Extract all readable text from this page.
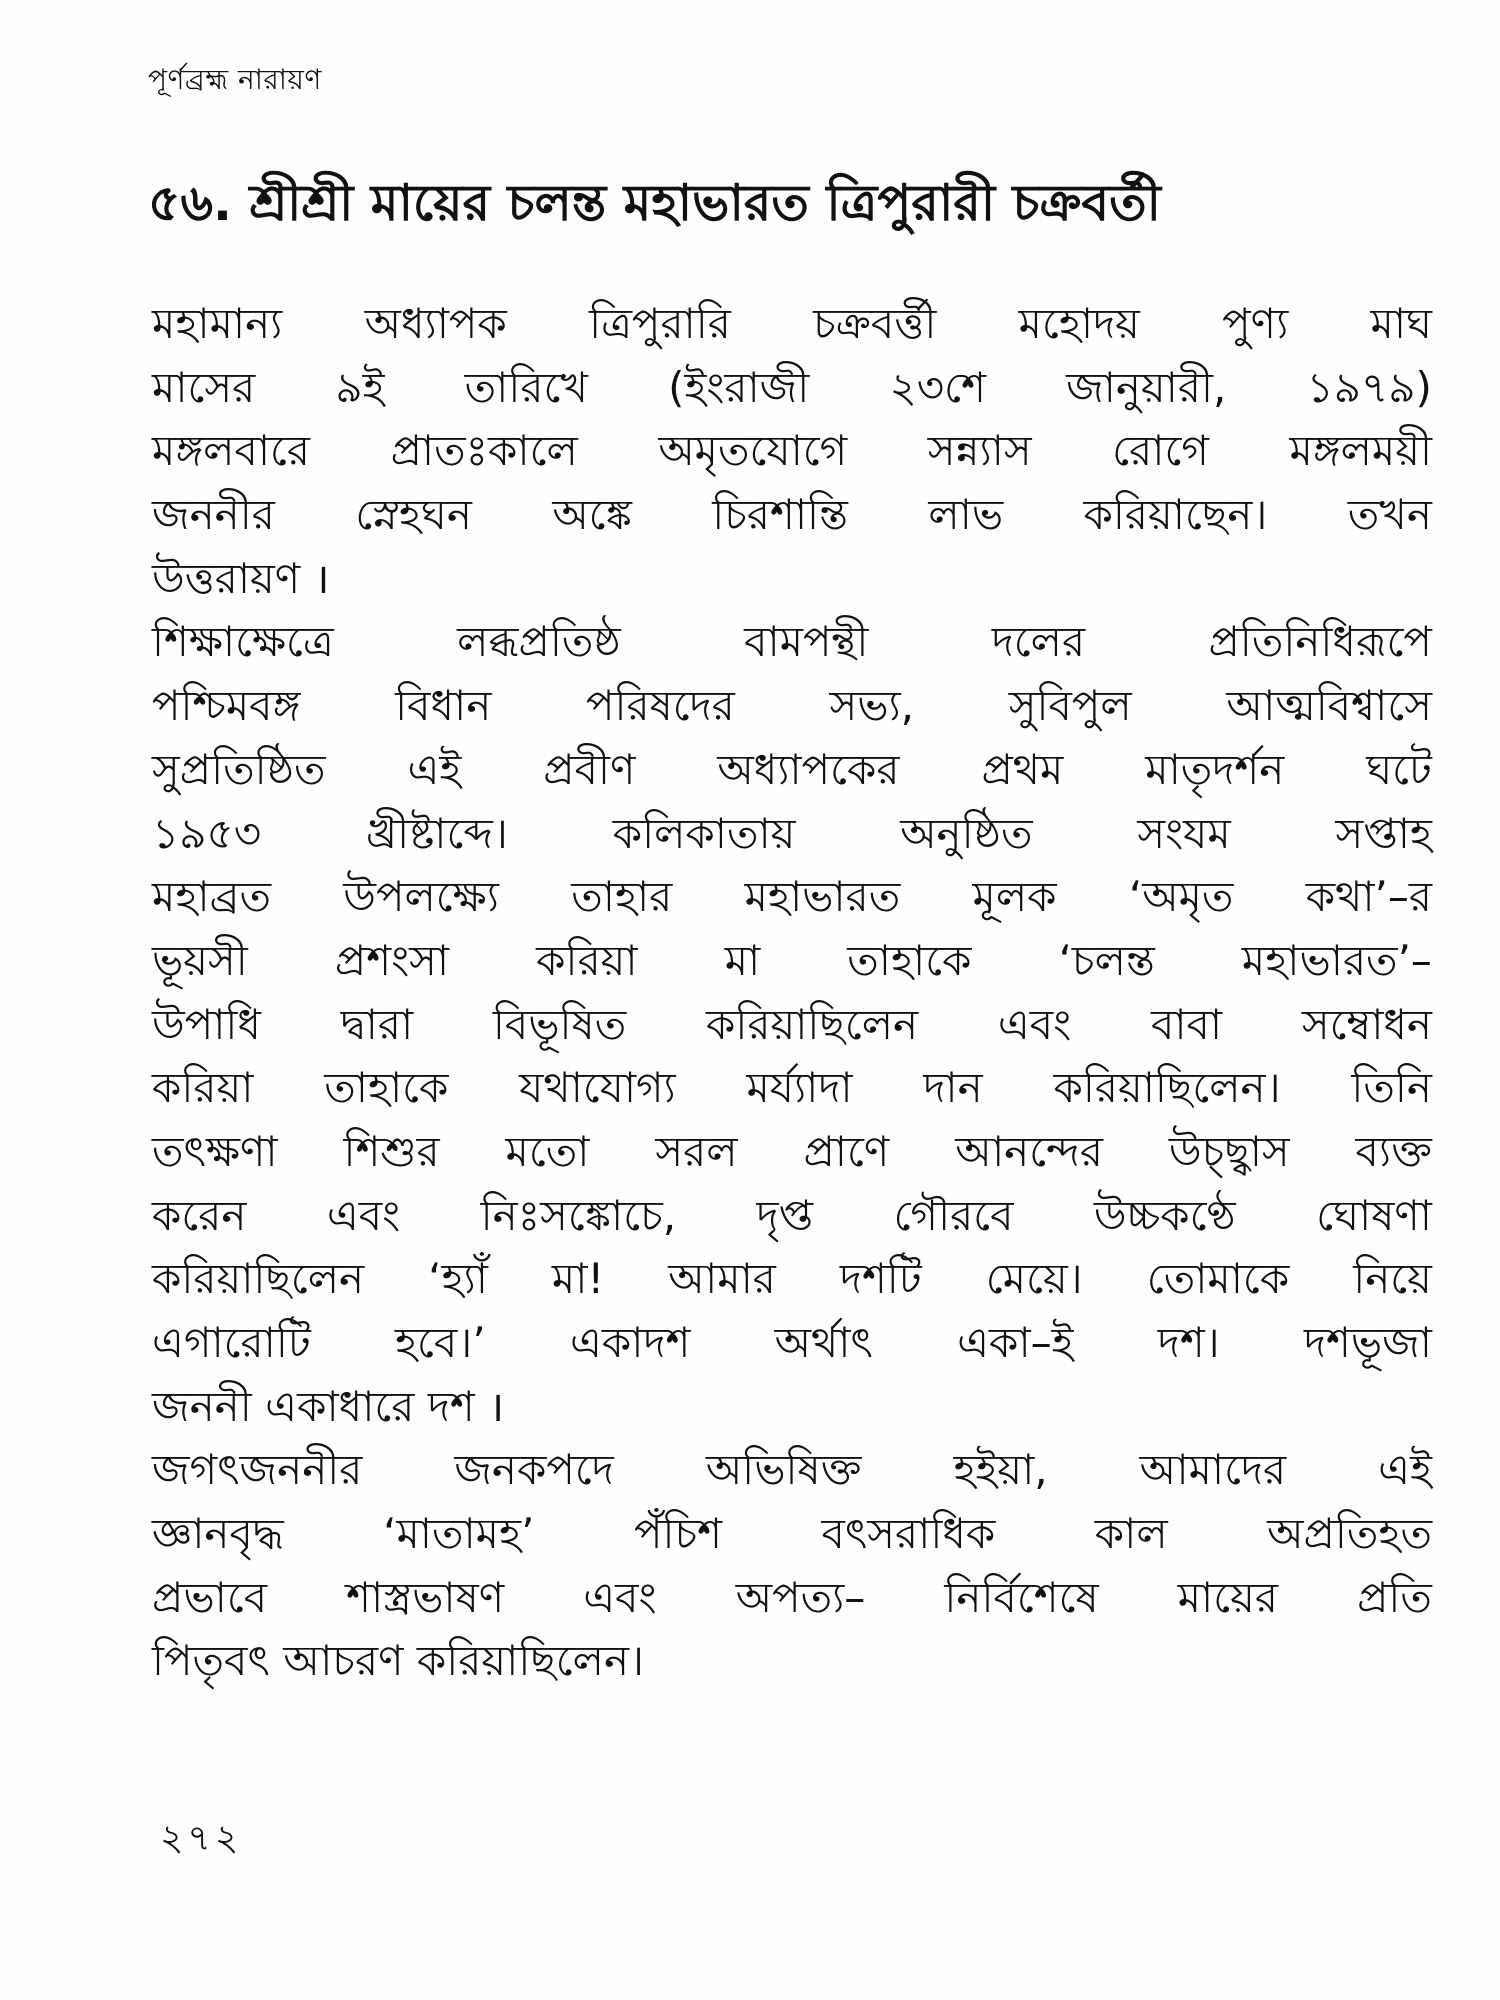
পূর্ণব্রহ্ম নারায়ণ
৫৬. শ্রীশ্রী মায়ের চলন্ত মহাভারত ত্রিপুরারী চক্রবর্তী
মহামান্য অধ্যাপক ত্রিপুরারি চক্রবর্ত্তী মহোদয় পুণ্য মাঘ
মাসের ৯ই তারিখে (ইংরাজী ২৩শে জানুয়ারী, ১৯৭৯)
মঙ্গলবারে প্রাতঃকালে অমৃতযোগে সন্ন্যাস রোগে মঙ্গলময়ী
জননীর স্নেহঘন অঙ্কে চিরশান্তি লাভ করিয়াছেন। তখন
উত্তরায়ণ ।
শিক্ষাক্ষেত্রে	লব্ধপ্রতিষ্ঠ	বামপন্থী	দলের	প্রতিনিধিরূপে
পশ্চিমবঙ্গ বিধান পরিষদের সভ্য, সুবিপুল আত্মবিশ্বাসে
সুপ্রতিষ্ঠিত এই প্রবীণ অধ্যাপকের প্রথম মাতৃদর্শন ঘটে
১৯৫৩ খ্রীষ্টাব্দে। কলিকাতায় অনুষ্ঠিত সংযম সপ্তাহ
মহাব্রত উপলক্ষ্যে তাহার মহাভারত মূলক ‘অমৃত কথা’–র
ভূয়সী প্রশংসা করিয়া মা তাহাকে ‘চলন্ত মহাভারত’–
উপাধি দ্বারা বিভূষিত করিয়াছিলেন এবং বাবা সম্বোধন
করিয়া তাহাকে যথাযোগ্য মর্য্যাদা দান করিয়াছিলেন। তিনি
তৎক্ষণা শিশুর মতো সরল প্রাণে আনন্দের উচ্ছ্বাস ব্যক্ত
করেন এবং নিঃসঙ্কোচে, দৃপ্ত গৌরবে উচ্চকণ্ঠে ঘোষণা
করিয়াছিলেন ‘হ্যাঁ মা! আমার দশটি মেয়ে। তোমাকে নিয়ে
এগারোটি হবে।’ একাদশ অর্থাৎ একা–ই দশ। দশভূজা
জননী একাধারে দশ ।
জগৎজননীর জনকপদে অভিষিক্ত হইয়া, আমাদের এই
জ্ঞানবৃদ্ধ ‘মাতামহ’ পঁচিশ বৎসরাধিক কাল অপ্রতিহত
প্রভাবে শাস্ত্রভাষণ এবং অপত্য– নির্বিশেষে মায়ের প্রতি
পিতৃবৎ আচরণ করিয়াছিলেন।
২৭২
